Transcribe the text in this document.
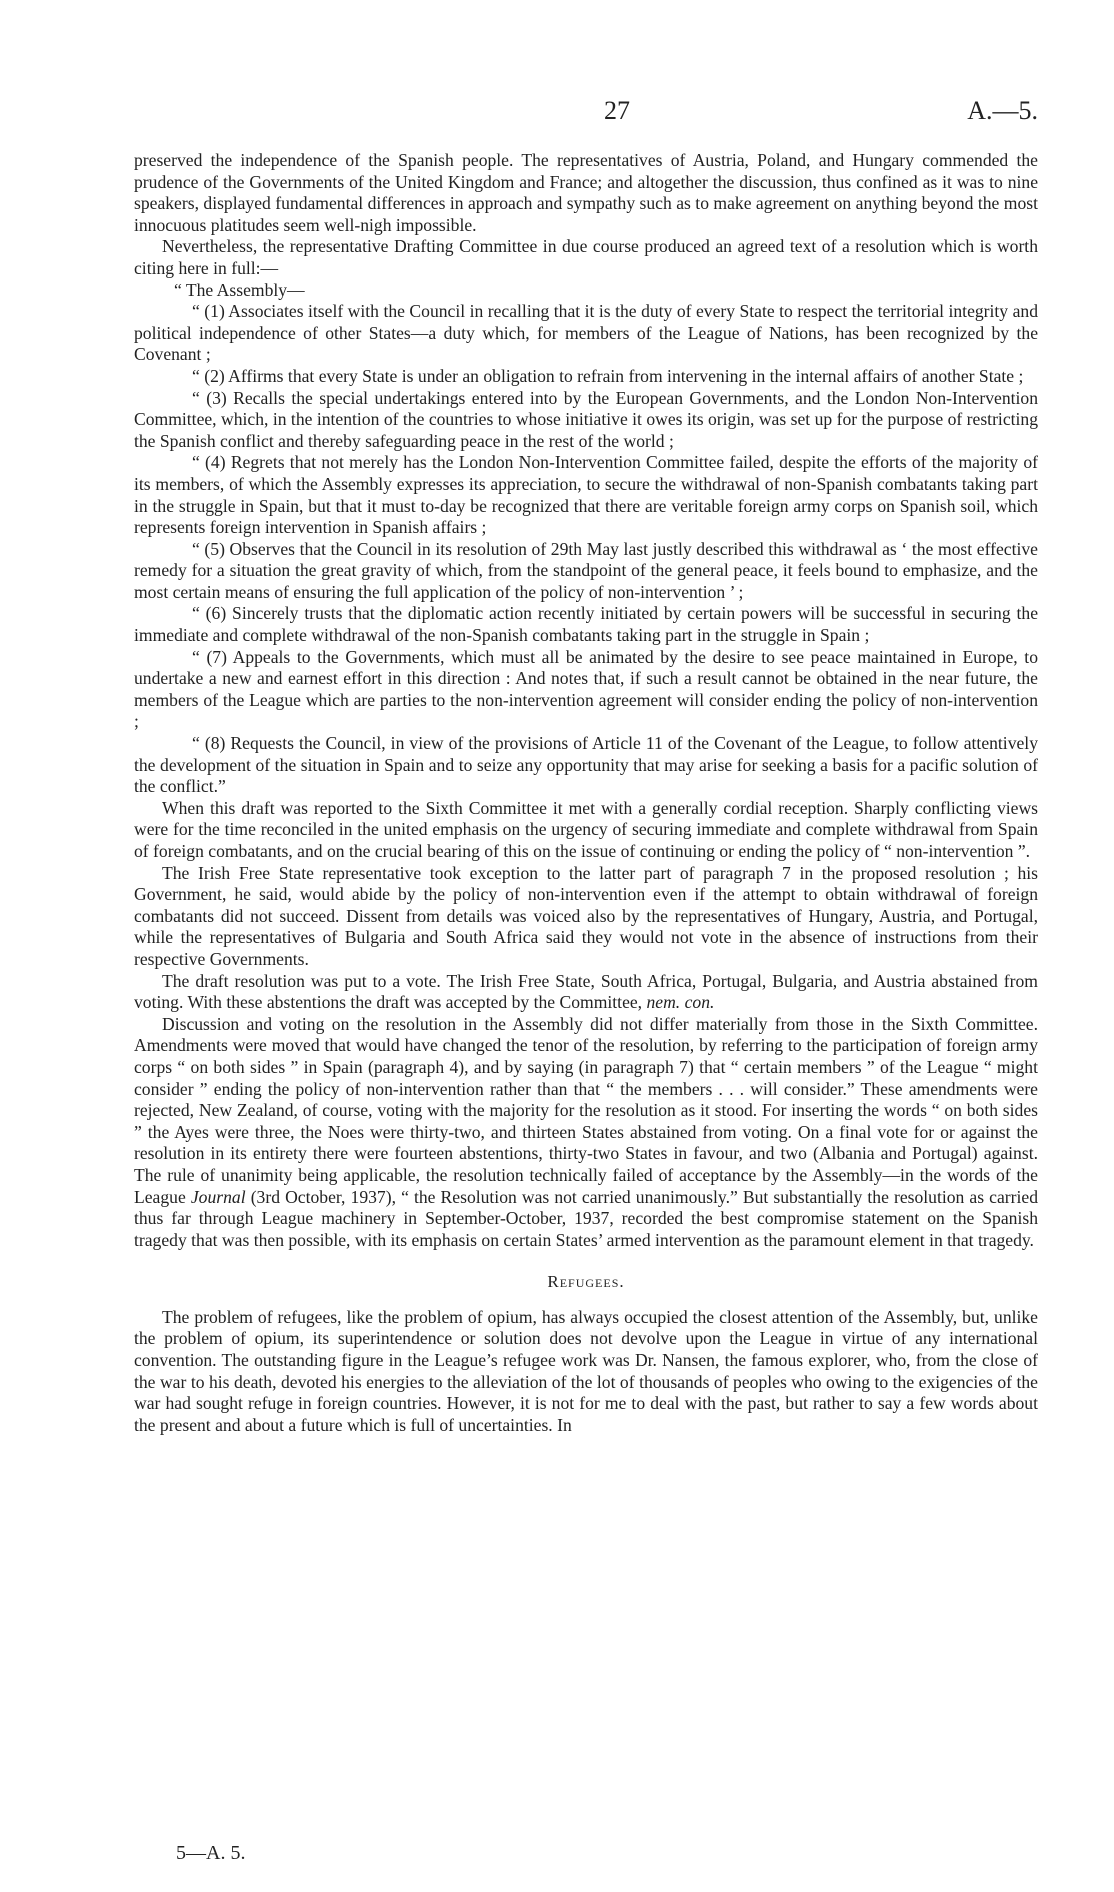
27	A.—5.

preserved the independence of the Spanish people. The representatives of Austria, Poland, and Hungary commended the prudence of the Governments of the United Kingdom and France; and altogether the discussion, thus confined as it was to nine speakers, displayed fundamental differences in approach and sympathy such as to make agreement on anything beyond the most innocuous platitudes seem well-nigh impossible.

Nevertheless, the representative Drafting Committee in due course produced an agreed text of a resolution which is worth citing here in full:—

“ The Assembly—

“ (1) Associates itself with the Council in recalling that it is the duty of every State to respect the territorial integrity and political independence of other States—a duty which, for members of the League of Nations, has been recognized by the Covenant ;

“ (2) Affirms that every State is under an obligation to refrain from intervening in the internal affairs of another State ;

“ (3) Recalls the special undertakings entered into by the European Governments, and the London Non-Intervention Committee, which, in the intention of the countries to whose initiative it owes its origin, was set up for the purpose of restricting the Spanish conflict and thereby safeguarding peace in the rest of the world ;

“ (4) Regrets that not merely has the London Non-Intervention Committee failed, despite the efforts of the majority of its members, of which the Assembly expresses its appreciation, to secure the withdrawal of non-Spanish combatants taking part in the struggle in Spain, but that it must to-day be recognized that there are veritable foreign army corps on Spanish soil, which represents foreign intervention in Spanish affairs ;

“ (5) Observes that the Council in its resolution of 29th May last justly described this withdrawal as ‘ the most effective remedy for a situation the great gravity of which, from the standpoint of the general peace, it feels bound to emphasize, and the most certain means of ensuring the full application of the policy of non-intervention ’ ;

“ (6) Sincerely trusts that the diplomatic action recently initiated by certain powers will be successful in securing the immediate and complete withdrawal of the non-Spanish combatants taking part in the struggle in Spain ;

“ (7) Appeals to the Governments, which must all be animated by the desire to see peace maintained in Europe, to undertake a new and earnest effort in this direction : And notes that, if such a result cannot be obtained in the near future, the members of the League which are parties to the non-intervention agreement will consider ending the policy of non-intervention ;

“ (8) Requests the Council, in view of the provisions of Article 11 of the Covenant of the League, to follow attentively the development of the situation in Spain and to seize any opportunity that may arise for seeking a basis for a pacific solution of the conflict.”

When this draft was reported to the Sixth Committee it met with a generally cordial reception. Sharply conflicting views were for the time reconciled in the united emphasis on the urgency of securing immediate and complete withdrawal from Spain of foreign combatants, and on the crucial bearing of this on the issue of continuing or ending the policy of “ non-intervention ”.

The Irish Free State representative took exception to the latter part of paragraph 7 in the proposed resolution ; his Government, he said, would abide by the policy of non-intervention even if the attempt to obtain withdrawal of foreign combatants did not succeed. Dissent from details was voiced also by the representatives of Hungary, Austria, and Portugal, while the representatives of Bulgaria and South Africa said they would not vote in the absence of instructions from their respective Governments.

The draft resolution was put to a vote. The Irish Free State, South Africa, Portugal, Bulgaria, and Austria abstained from voting. With these abstentions the draft was accepted by the Committee, nem. con.

Discussion and voting on the resolution in the Assembly did not differ materially from those in the Sixth Committee. Amendments were moved that would have changed the tenor of the resolution, by referring to the participation of foreign army corps “ on both sides ” in Spain (paragraph 4), and by saying (in paragraph 7) that “ certain members ” of the League “ might consider ” ending the policy of non-intervention rather than that “ the members . . . will consider.” These amendments were rejected, New Zealand, of course, voting with the majority for the resolution as it stood. For inserting the words “ on both sides ” the Ayes were three, the Noes were thirty-two, and thirteen States abstained from voting. On a final vote for or against the resolution in its entirety there were fourteen abstentions, thirty-two States in favour, and two (Albania and Portugal) against. The rule of unanimity being applicable, the resolution technically failed of acceptance by the Assembly—in the words of the League Journal (3rd October, 1937), “ the Resolution was not carried unanimously.” But substantially the resolution as carried thus far through League machinery in September-October, 1937, recorded the best compromise statement on the Spanish tragedy that was then possible, with its emphasis on certain States’ armed intervention as the paramount element in that tragedy.

Refugees.

The problem of refugees, like the problem of opium, has always occupied the closest attention of the Assembly, but, unlike the problem of opium, its superintendence or solution does not devolve upon the League in virtue of any international convention. The outstanding figure in the League’s refugee work was Dr. Nansen, the famous explorer, who, from the close of the war to his death, devoted his energies to the alleviation of the lot of thousands of peoples who owing to the exigencies of the war had sought refuge in foreign countries. However, it is not for me to deal with the past, but rather to say a few words about the present and about a future which is full of uncertainties. In

5—A. 5.
